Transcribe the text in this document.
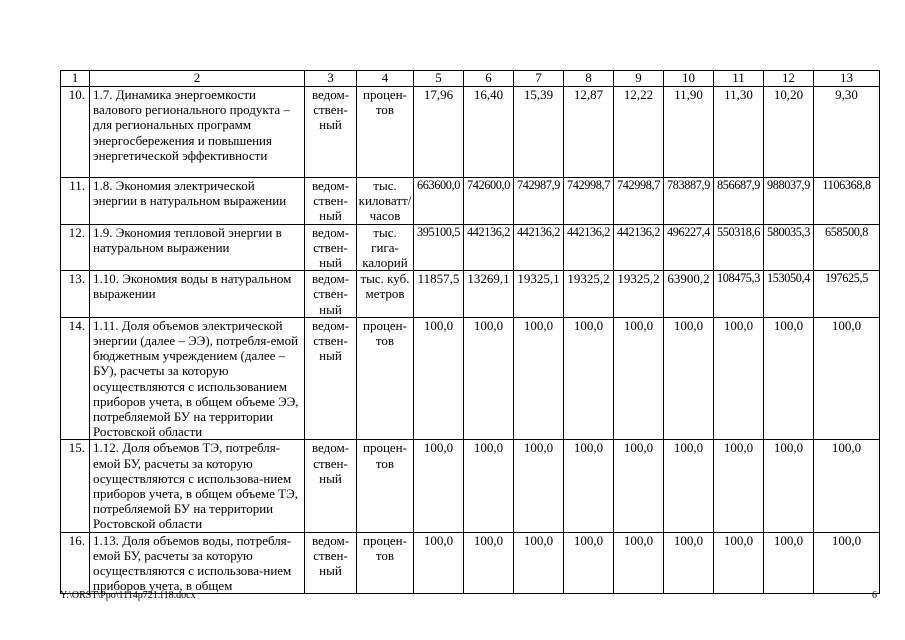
1	2	3	4	5	6	7	8	9	10	11	12	13
10.	1.7. Динамика энергоемкости валового регионального продукта – для региональных программ энергосбережения и повышения энергетической эффективности	ведом-ствен-ный	процен-тов	17,96	16,40	15,39	12,87	12,22	11,90	11,30	10,20	9,30
11.	1.8. Экономия электрической энергии в натуральном выражении	ведом-ствен-ный	тыс. киловатт/ часов	663600,0	742600,0	742987,9	742998,7	742998,7	783887,9	856687,9	988037,9	1106368,8
12.	1.9. Экономия тепловой энергии в натуральном выражении	ведом-ствен-ный	тыс. гига-калорий	395100,5	442136,2	442136,2	442136,2	442136,2	496227,4	550318,6	580035,3	658500,8
13.	1.10. Экономия воды в натуральном выражении	ведом-ствен-ный	тыс. куб. метров	11857,5	13269,1	19325,1	19325,2	19325,2	63900,2	108475,3	153050,4	197625,5
14.	1.11. Доля объемов электрической энергии (далее – ЭЭ), потребля-емой бюджетным учреждением (далее – БУ), расчеты за которую осуществляются с использованием приборов учета, в общем объеме ЭЭ, потребляемой БУ на территории Ростовской области	ведом-ствен-ный	процен-тов	100,0	100,0	100,0	100,0	100,0	100,0	100,0	100,0	100,0
15.	1.12. Доля объемов ТЭ, потребля-емой БУ, расчеты за которую осуществляются с использова-нием приборов учета, в общем объеме ТЭ, потребляемой БУ на территории Ростовской области	ведом-ствен-ный	процен-тов	100,0	100,0	100,0	100,0	100,0	100,0	100,0	100,0	100,0
16.	1.13. Доля объемов воды, потребля-емой БУ, расчеты за которую осуществляются с использова-нием приборов учета, в общем	ведом-ствен-ный	процен-тов	100,0	100,0	100,0	100,0	100,0	100,0	100,0	100,0	100,0
Y:\ORST\Ppo\1114p721.f18.docx	6
